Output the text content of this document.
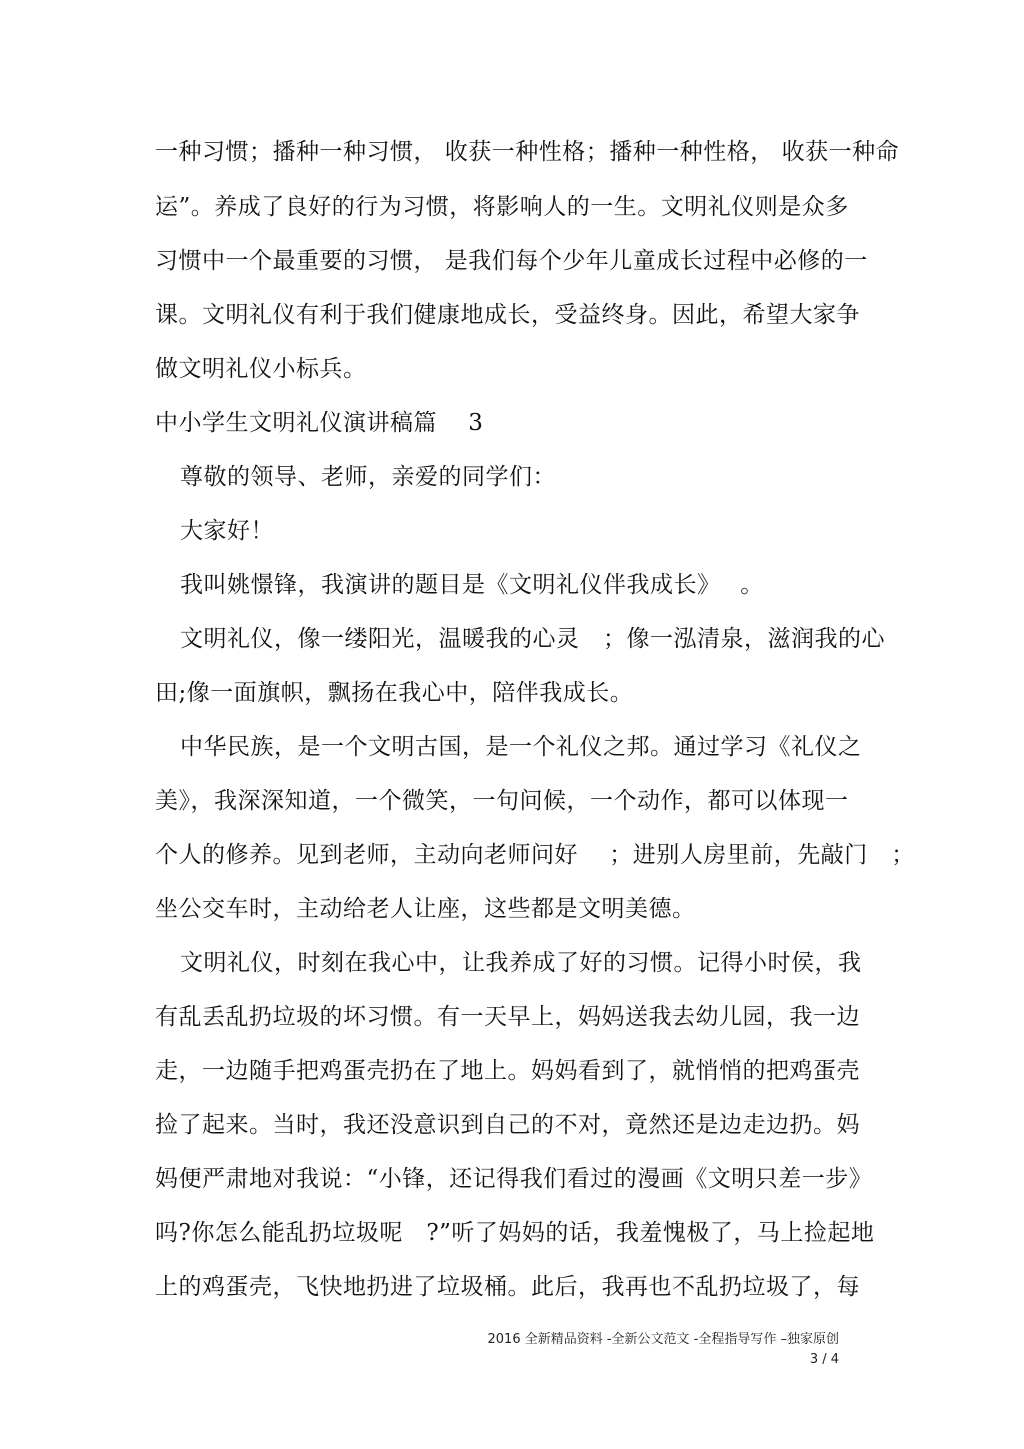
一种习惯；播种一种习惯， 收获一种性格；播种一种性格， 收获一种命
运”。养成了良好的行为习惯，将影响人的一生。文明礼仪则是众多
习惯中一个最重要的习惯， 是我们每个少年儿童成长过程中必修的一
课。文明礼仪有利于我们健康地成长，受益终身。因此，希望大家争
做文明礼仪小标兵。
中小学生文明礼仪演讲稿篇　 3
尊敬的领导、老师，亲爱的同学们：
大家好！
我叫姚憬锋，我演讲的题目是《文明礼仪伴我成长》　 。
文明礼仪，像一缕阳光，温暖我的心灵　；像一泓清泉，滋润我的心
田;像一面旗帜，飘扬在我心中，陪伴我成长。
中华民族，是一个文明古国，是一个礼仪之邦。通过学习《礼仪之
美》，我深深知道，一个微笑，一句问候，一个动作，都可以体现一
个人的修养。见到老师，主动向老师问好　 ；进别人房里前，先敲门　；
坐公交车时，主动给老人让座，这些都是文明美德。
文明礼仪，时刻在我心中，让我养成了好的习惯。记得小时侯，我
有乱丢乱扔垃圾的坏习惯。有一天早上，妈妈送我去幼儿园，我一边
走，一边随手把鸡蛋壳扔在了地上。妈妈看到了，就悄悄的把鸡蛋壳
捡了起来。当时，我还没意识到自己的不对，竟然还是边走边扔。妈
妈便严肃地对我说：“小锋，还记得我们看过的漫画《文明只差一步》
吗?你怎么能乱扔垃圾呢　?”听了妈妈的话，我羞愧极了，马上捡起地
上的鸡蛋壳，飞快地扔进了垃圾桶。此后，我再也不乱扔垃圾了，每
2016 全新精品资料 -全新公文范文 -全程指导写作 –独家原创
3 / 4
